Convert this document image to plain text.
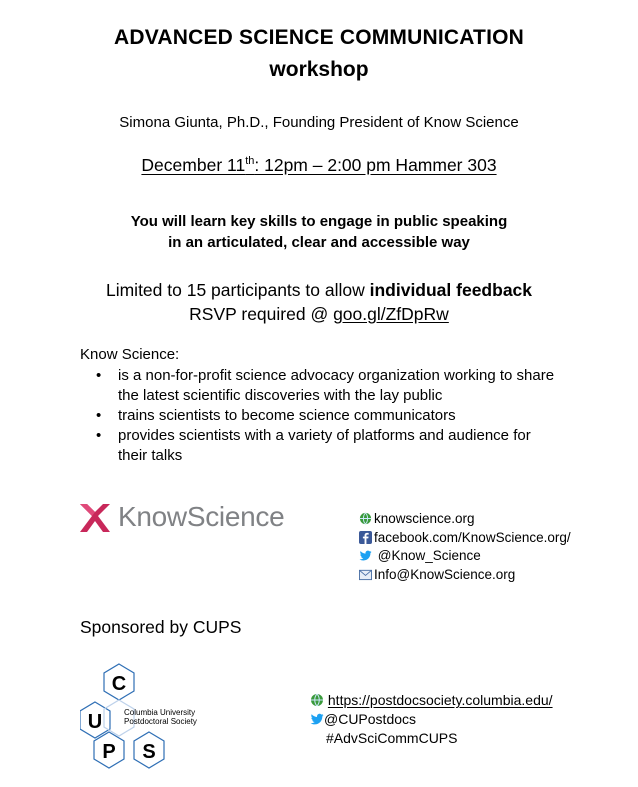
ADVANCED SCIENCE COMMUNICATION
workshop
Simona Giunta, Ph.D., Founding President of Know Science
December 11th: 12pm – 2:00 pm Hammer 303
You will learn key skills to engage in public speaking
in an articulated, clear and accessible way
Limited to 15 participants to allow individual feedback
RSVP required @ goo.gl/ZfDpRw
Know Science:
• is a non-for-profit science advocacy organization working to share the latest scientific discoveries with the lay public
• trains scientists to become science communicators
• provides scientists with a variety of platforms and audience for their talks
KnowScience	knowscience.org
facebook.com/KnowScience.org/
@Know_Science
Info@KnowScience.org
Sponsored by CUPS
C
U
P S
Columbia University
Postdoctoral Society
https://postdocsociety.columbia.edu/
@CUPostdocs
#AdvSciCommCUPS
